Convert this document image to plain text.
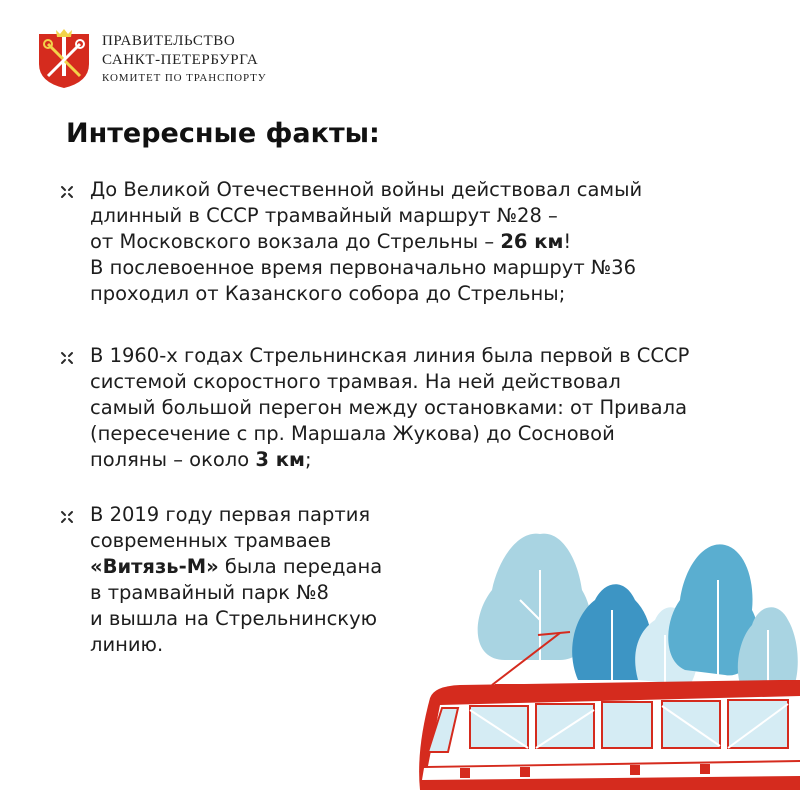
ПРАВИТЕЛЬСТВО
САНКТ-ПЕТЕРБУРГА
КОМИТЕТ ПО ТРАНСПОРТУ
Интересные факты:
До Великой Отечественной войны действовал самый
длинный в СССР трамвайный маршрут №28 –
от Московского вокзала до Стрельны – 26 км!
В послевоенное время первоначально маршрут №36
проходил от Казанского собора до Стрельны;
В 1960-х годах Стрельнинская линия была первой в СССР
системой скоростного трамвая. На ней действовал
самый большой перегон между остановками: от Привала
(пересечение с пр. Маршала Жукова) до Сосновой
поляны – около 3 км;
В 2019 году первая партия
современных трамваев
«Витязь-М» была передана
в трамвайный парк №8
и вышла на Стрельнинскую
линию.
